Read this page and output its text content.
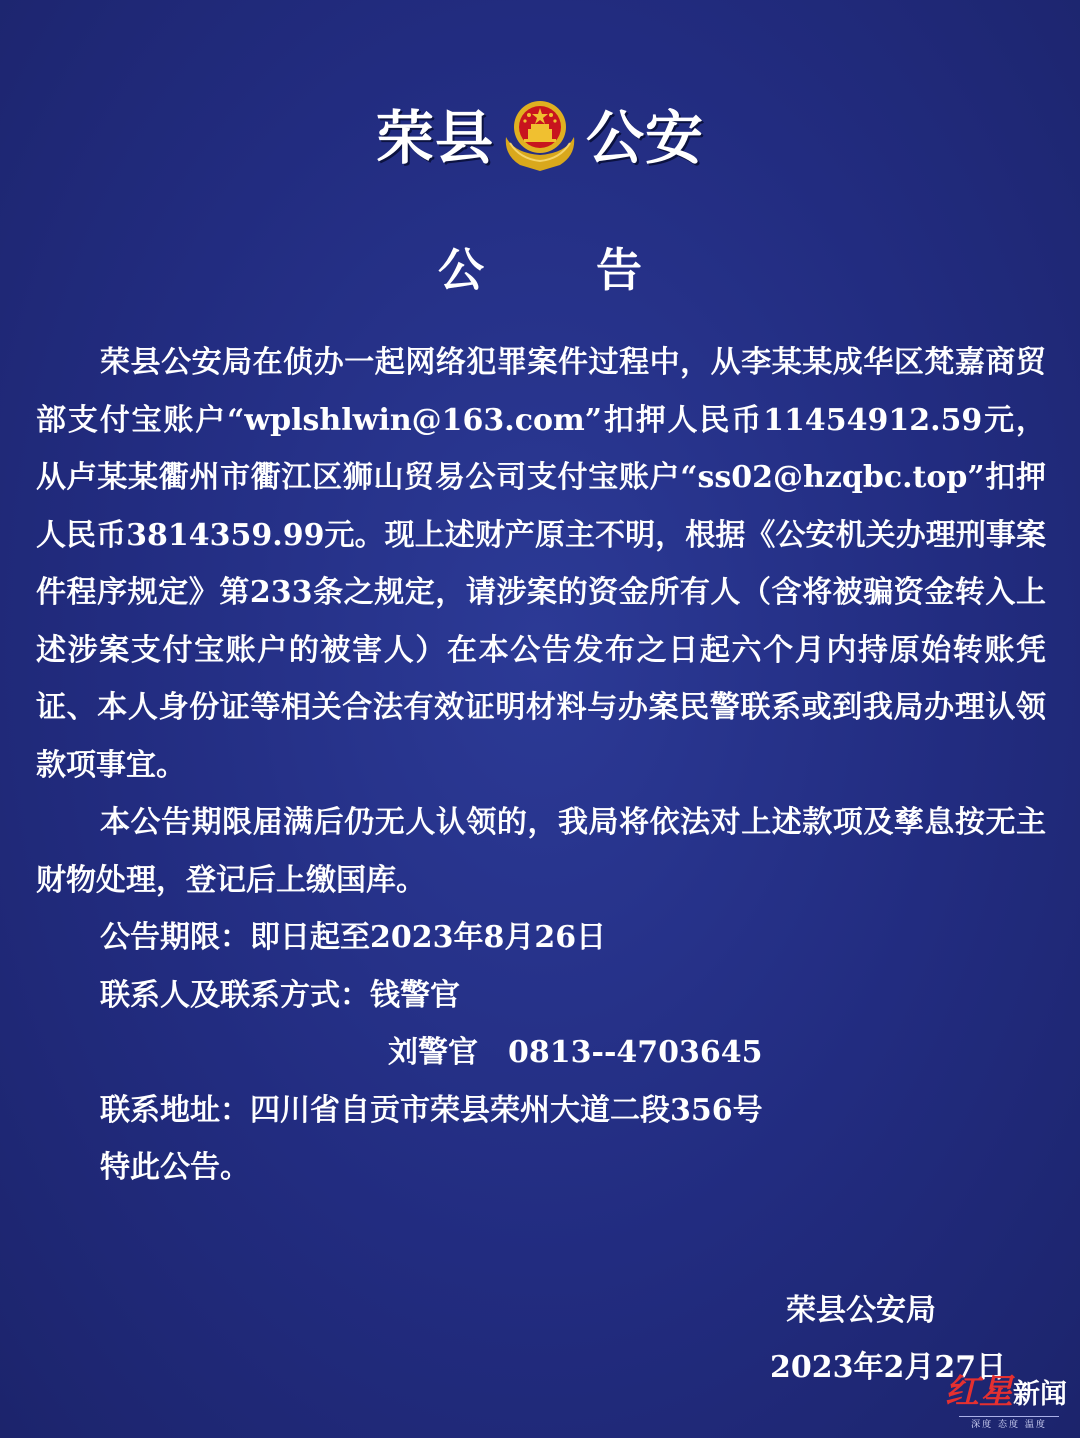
荣县 公安
公 告

荣县公安局在侦办一起网络犯罪案件过程中，从李某某成华区梵嘉商贸部支付宝账户“wplshlwin@163.com”扣押人民币11454912.59元，从卢某某衢州市衢江区狮山贸易公司支付宝账户“ss02@hzqbc.top”扣押人民币3814359.99元。现上述财产原主不明，根据《公安机关办理刑事案件程序规定》第233条之规定，请涉案的资金所有人（含将被骗资金转入上述涉案支付宝账户的被害人）在本公告发布之日起六个月内持原始转账凭证、本人身份证等相关合法有效证明材料与办案民警联系或到我局办理认领款项事宜。

本公告期限届满后仍无人认领的，我局将依法对上述款项及孳息按无主财物处理，登记后上缴国库。

公告期限：即日起至2023年8月26日

联系人及联系方式：钱警官

刘警官 0813--4703645

联系地址：四川省自贡市荣县荣州大道二段356号

特此公告。

荣县公安局
2023年2月27日
红星 新闻
深度 态度 温度
